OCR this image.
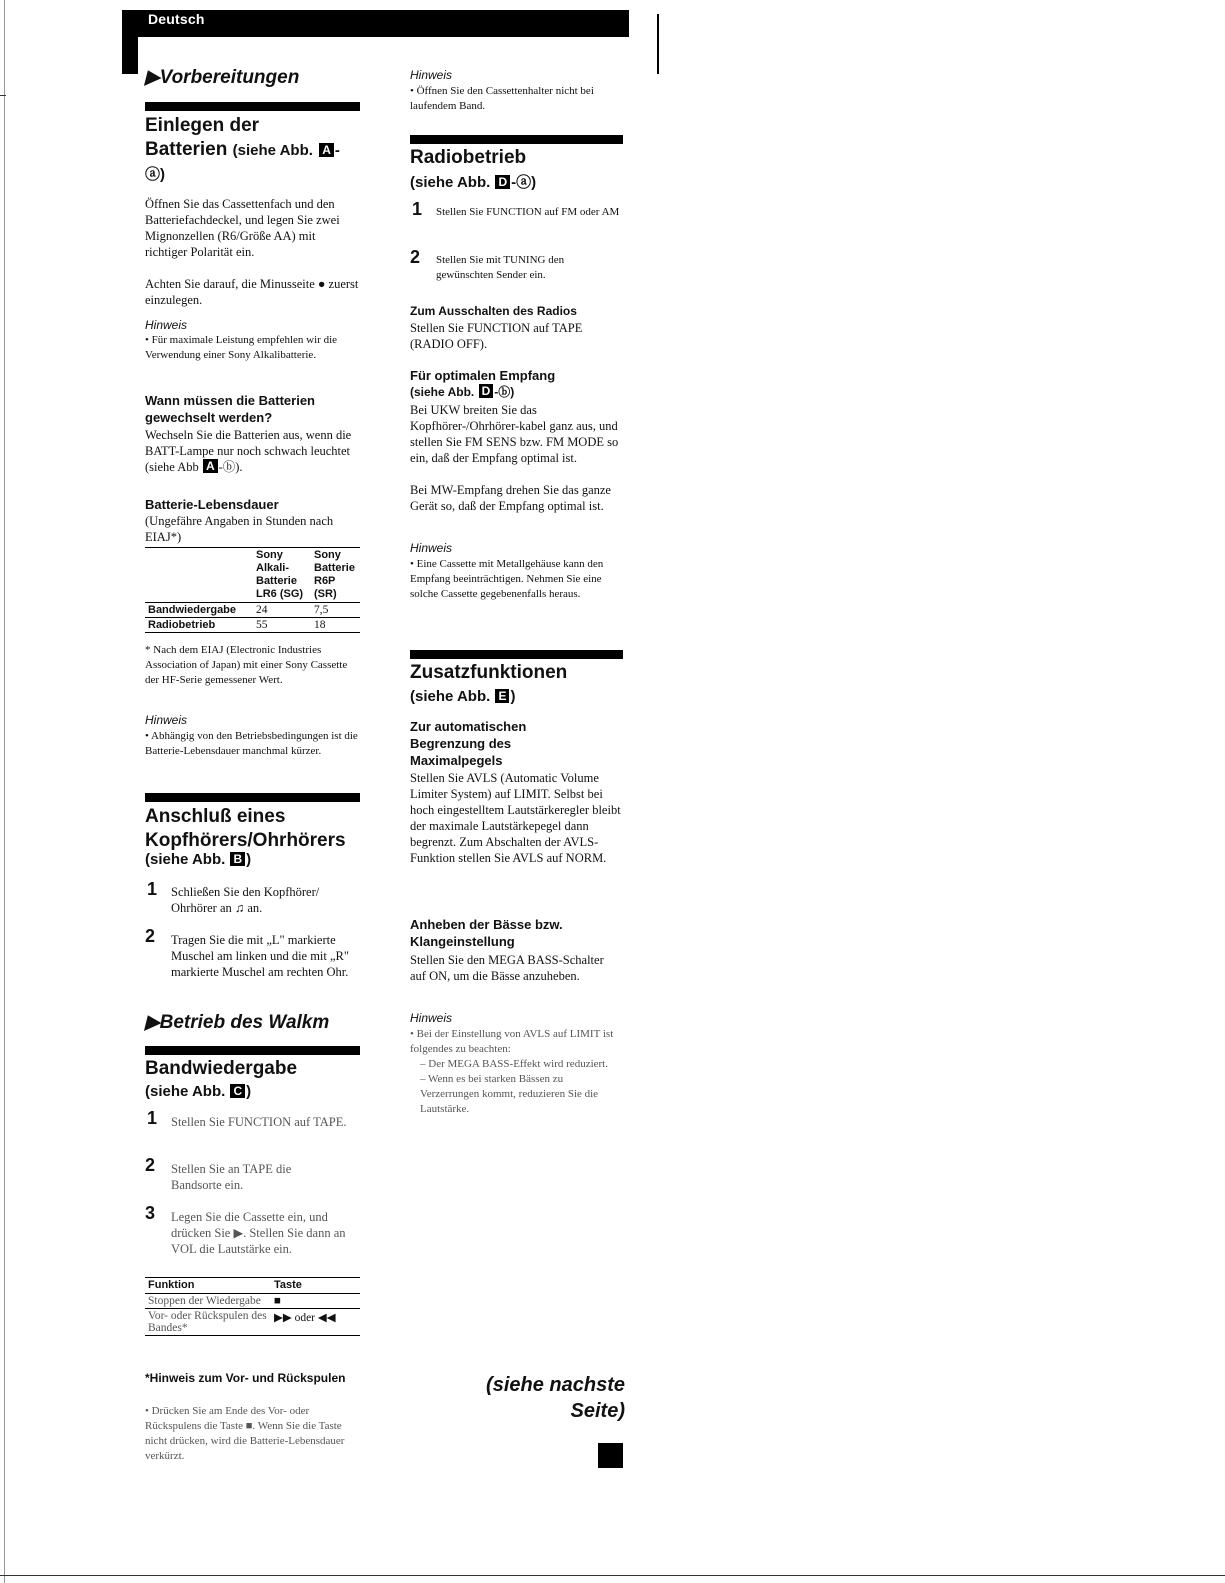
Deutsch
▶Vorbereitungen
Einlegen der
Batterien (siehe Abb. A -
ⓐ)
Öffnen Sie das Cassettenfach und den Batteriefachdeckel, und legen Sie zwei Mignonzellen (R6/Größe AA) mit richtiger Polarität ein.
Achten Sie darauf, die Minusseite ● zuerst einzulegen.
Hinweis
• Für maximale Leistung empfehlen wir die Verwendung einer Sony Alkalibatterie.
Wann müssen die Batterien gewechselt werden?
Wechseln Sie die Batterien aus, wenn die BATT-Lampe nur noch schwach leuchtet (siehe Abb A -ⓑ).
Batterie-Lebensdauer
(Ungefähre Angaben in Stunden nach EIAJ*)
	Sony Alkali-Batterie LR6 (SG)	Sony Batterie R6P (SR)
Bandwiedergabe	24	7,5
Radiobetrieb	55	18
* Nach dem EIAJ (Electronic Industries Association of Japan) mit einer Sony Cassette der HF-Serie gemessener Wert.
Hinweis
• Abhängig von den Betriebsbedingungen ist die Batterie-Lebensdauer manchmal kürzer.
Anschluß eines
Kopfhörers/Ohrhörers
(siehe Abb. B )
1 Schließen Sie den Kopfhörer/ Ohrhörer an ♫ an.
2 Tragen Sie die mit „L" markierte Muschel am linken und die mit „R" markierte Muschel am rechten Ohr.
▶Betrieb des Walkm
Bandwiedergabe
(siehe Abb. C )
1 Stellen Sie FUNCTION auf TAPE.
2 Stellen Sie an TAPE die Bandsorte ein.
3 Legen Sie die Cassette ein, und drücken Sie ▶. Stellen Sie dann an VOL die Lautstärke ein.
Funktion	Taste
Stoppen der Wiedergabe	■
Vor- oder Rückspulen des Bandes*	▶▶ oder ◀◀
*Hinweis zum Vor- und Rückspulen
• Drücken Sie am Ende des Vor- oder Rückspulens die Taste ■. Wenn Sie die Taste nicht drücken, wird die Batterie-Lebensdauer verkürzt.
Hinweis
• Öffnen Sie den Cassettenhalter nicht bei laufendem Band.
Radiobetrieb
(siehe Abb. D -ⓐ)
1 Stellen Sie FUNCTION auf FM oder AM
2 Stellen Sie mit TUNING den gewünschten Sender ein.
Zum Ausschalten des Radios
Stellen Sie FUNCTION auf TAPE (RADIO OFF).
Für optimalen Empfang
(siehe Abb. D -ⓑ)
Bei UKW breiten Sie das Kopfhörer-/Ohrhörer-kabel ganz aus, und stellen Sie FM SENS bzw. FM MODE so ein, daß der Empfang optimal ist.
Bei MW-Empfang drehen Sie das ganze Gerät so, daß der Empfang optimal ist.
Hinweis
• Eine Cassette mit Metallgehäuse kann den Empfang beeinträchtigen. Nehmen Sie eine solche Cassette gegebenenfalls heraus.
Zusatzfunktionen
(siehe Abb. E )
Zur automatischen Begrenzung des Maximalpegels
Stellen Sie AVLS (Automatic Volume Limiter System) auf LIMIT. Selbst bei hoch eingestelltem Lautstärkeregler bleibt der maximale Lautstärkepegel dann begrenzt. Zum Abschalten der AVLS-Funktion stellen Sie AVLS auf NORM.
Anheben der Bässe bzw. Klangeinstellung
Stellen Sie den MEGA BASS-Schalter auf ON, um die Bässe anzuheben.
Hinweis
• Bei der Einstellung von AVLS auf LIMIT ist folgendes zu beachten:
– Der MEGA BASS-Effekt wird reduziert.
– Wenn es bei starken Bässen zu Verzerrungen kommt, reduzieren Sie die Lautstärke.
(siehe nachste Seite)
